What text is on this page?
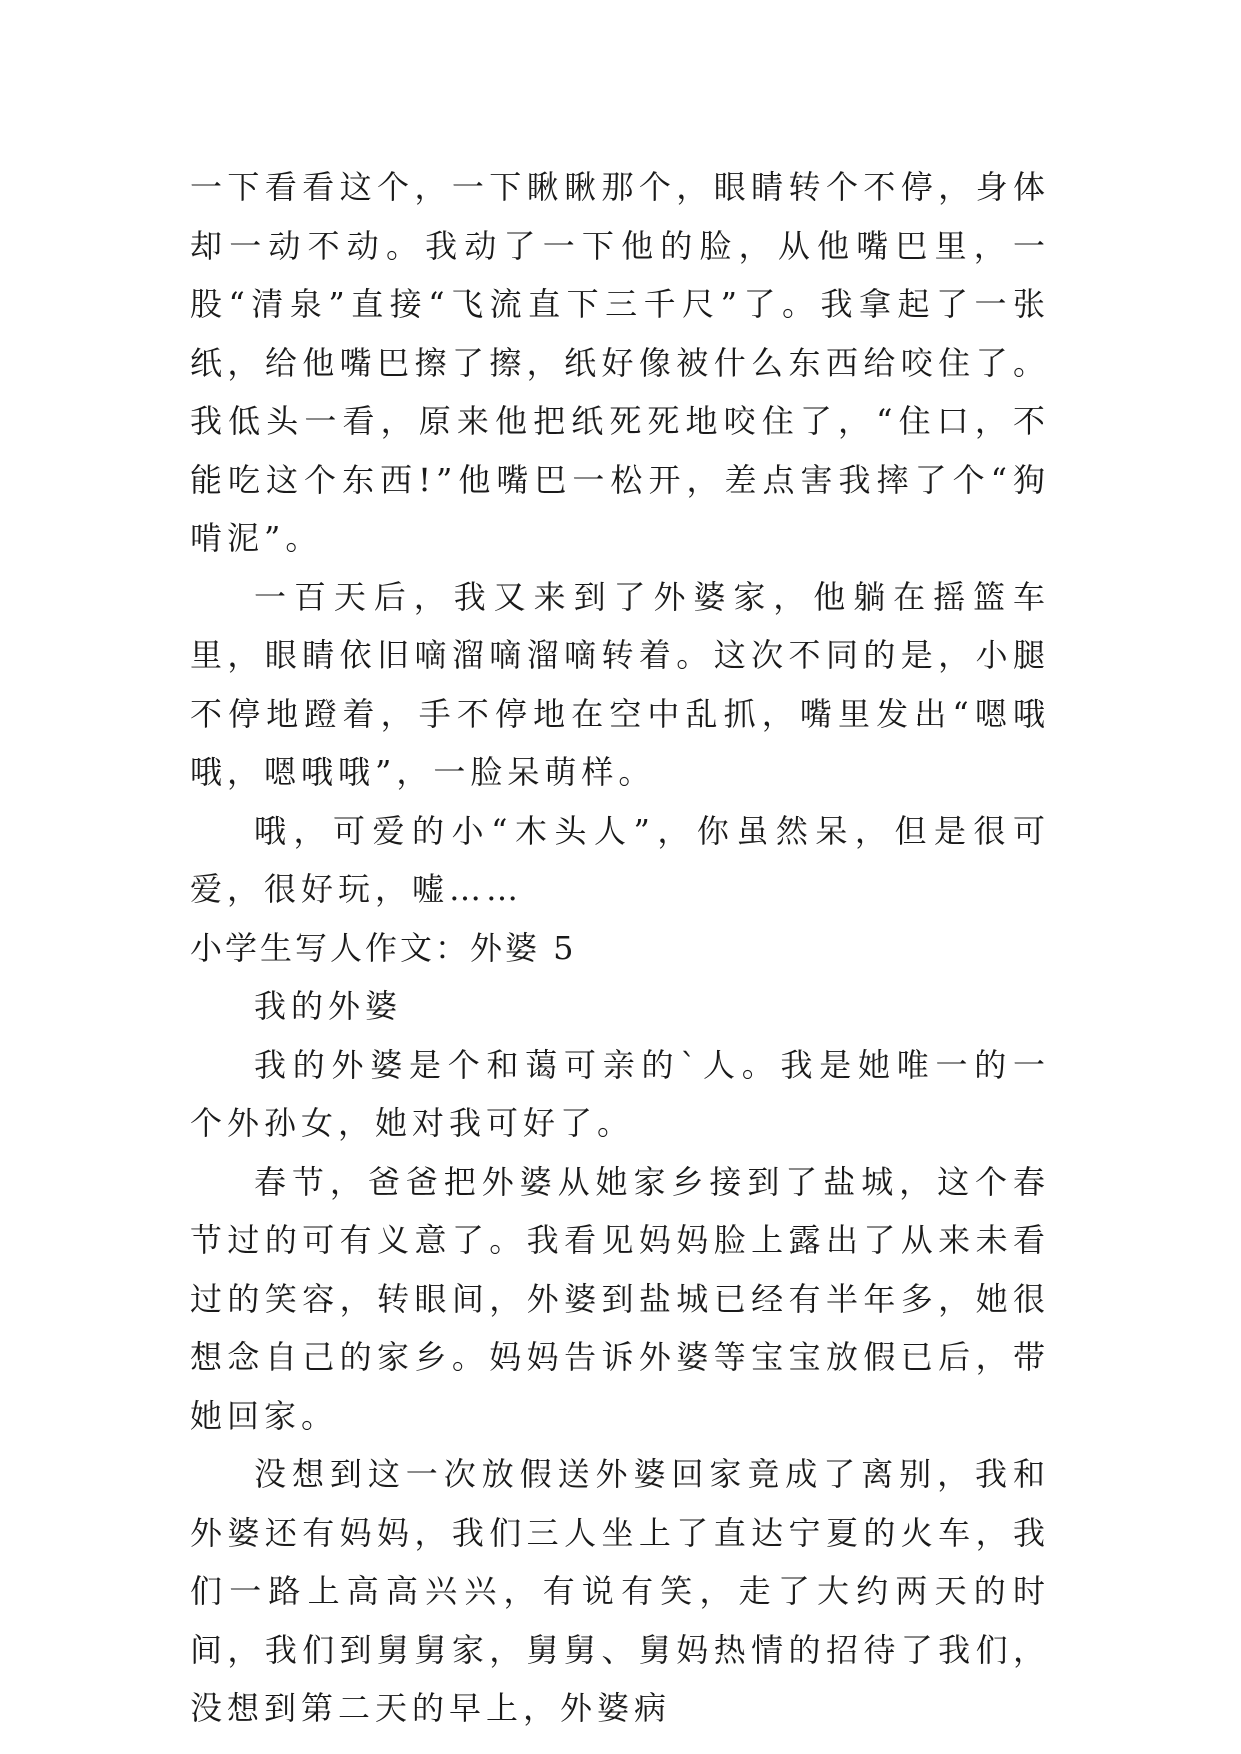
一下看看这个，一下瞅瞅那个，眼睛转个不停，身体却一动不动。我动了一下他的脸，从他嘴巴里，一股“清泉”直接“飞流直下三千尺”了。我拿起了一张纸，给他嘴巴擦了擦，纸好像被什么东西给咬住了。我低头一看，原来他把纸死死地咬住了，“住口，不能吃这个东西!”他嘴巴一松开，差点害我摔了个“狗啃泥”。

一百天后，我又来到了外婆家，他躺在摇篮车里，眼睛依旧嘀溜嘀溜嘀转着。这次不同的是，小腿不停地蹬着，手不停地在空中乱抓，嘴里发出“嗯哦哦，嗯哦哦”，一脸呆萌样。

哦，可爱的小“木头人”，你虽然呆，但是很可爱，很好玩，嘘……

小学生写人作文：外婆 5

我的外婆

我的外婆是个和蔼可亲的`人。我是她唯一的一个外孙女，她对我可好了。

春节，爸爸把外婆从她家乡接到了盐城，这个春节过的可有义意了。我看见妈妈脸上露出了从来未看过的笑容，转眼间，外婆到盐城已经有半年多，她很想念自己的家乡。妈妈告诉外婆等宝宝放假已后，带她回家。

没想到这一次放假送外婆回家竟成了离别，我和外婆还有妈妈，我们三人坐上了直达宁夏的火车，我们一路上高高兴兴，有说有笑，走了大约两天的时间，我们到舅舅家，舅舅、舅妈热情的招待了我们，没想到第二天的早上，外婆病
